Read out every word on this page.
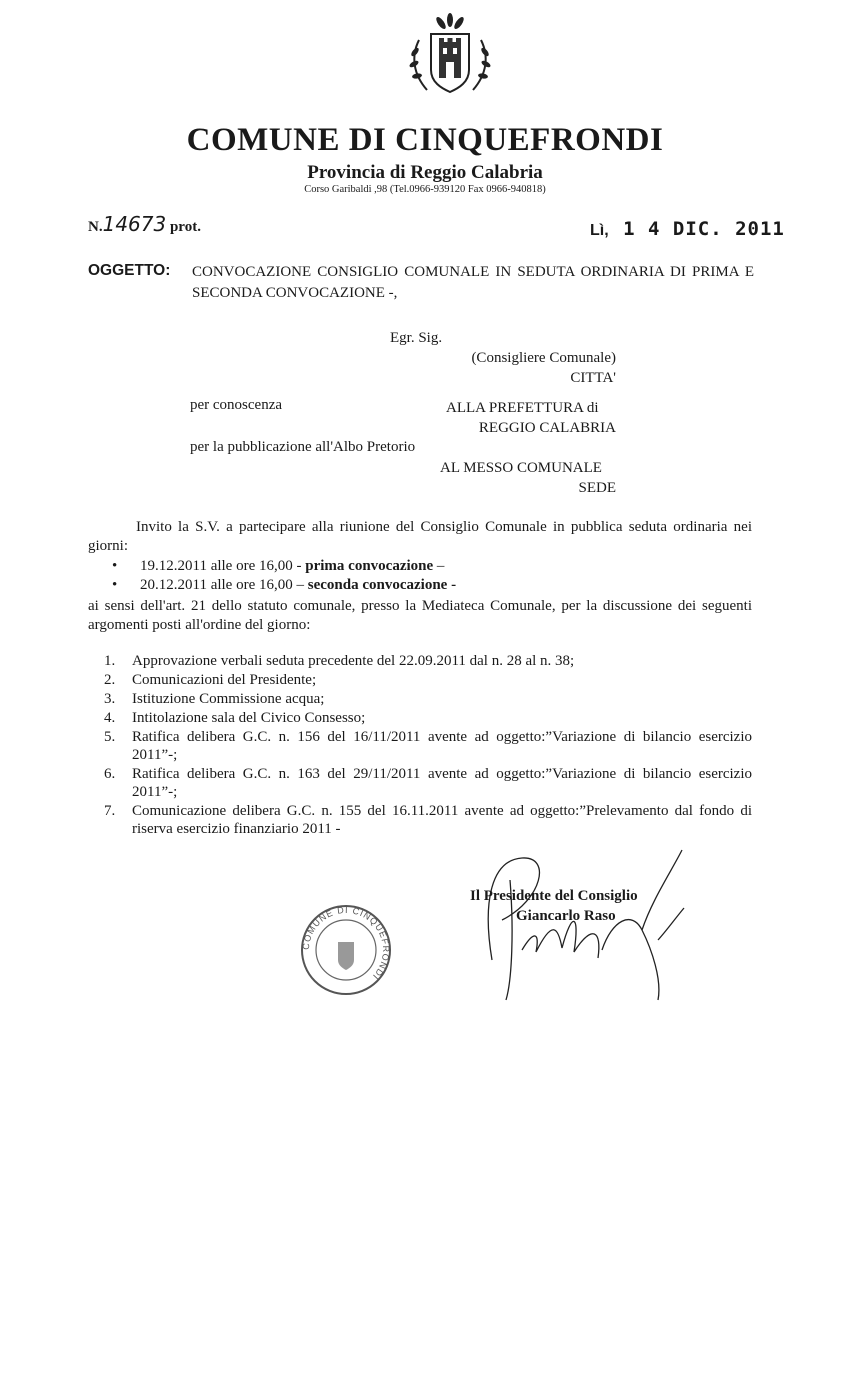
COMUNE DI CINQUEFRONDI
Provincia di Reggio Calabria
Corso Garibaldi ,98 (Tel.0966-939120 Fax 0966-940818)
N.14673 prot.	Lì, 1 4 DIC. 2011
OGGETTO: CONVOCAZIONE CONSIGLIO COMUNALE IN SEDUTA ORDINARIA DI PRIMA E SECONDA CONVOCAZIONE -,
Egr. Sig.
(Consigliere Comunale)
CITTA'
per conoscenza	ALLA PREFETTURA di
REGGIO CALABRIA
per la pubblicazione all'Albo Pretorio
AL MESSO COMUNALE
SEDE
Invito la S.V. a partecipare alla riunione del Consiglio Comunale in pubblica seduta ordinaria nei giorni:
• 19.12.2011 alle ore 16,00 - prima convocazione –
• 20.12.2011 alle ore 16,00 – seconda convocazione -
ai sensi dell'art. 21 dello statuto comunale, presso la Mediateca Comunale, per la discussione dei seguenti argomenti posti all'ordine del giorno:
1. Approvazione verbali seduta precedente del 22.09.2011 dal n. 28 al n. 38;
2. Comunicazioni del Presidente;
3. Istituzione Commissione acqua;
4. Intitolazione sala del Civico Consesso;
5. Ratifica delibera G.C. n. 156 del 16/11/2011 avente ad oggetto:”Variazione di bilancio esercizio 2011”-;
6. Ratifica delibera G.C. n. 163 del 29/11/2011 avente ad oggetto:”Variazione di bilancio esercizio 2011”-;
7. Comunicazione delibera G.C. n. 155 del 16.11.2011 avente ad oggetto:”Prelevamento dal fondo di riserva esercizio finanziario 2011 -
COMUNE DI CINQUEFRONDI
Il Presidente del Consiglio
Giancarlo Raso
